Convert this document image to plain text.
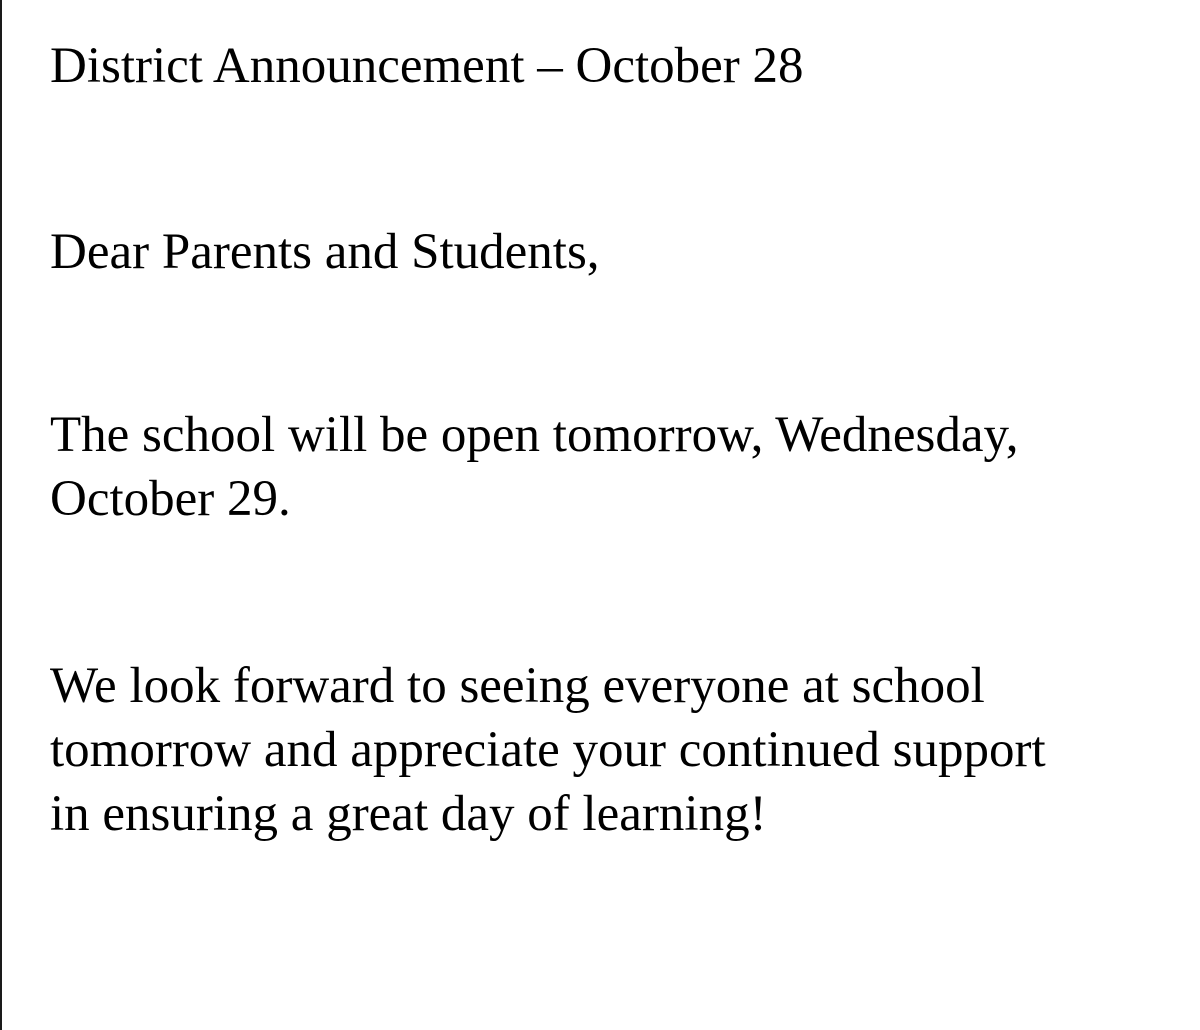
District Announcement – October 28

Dear Parents and Students,

The school will be open tomorrow, Wednesday,
October 29.

We look forward to seeing everyone at school
tomorrow and appreciate your continued support
in ensuring a great day of learning!
